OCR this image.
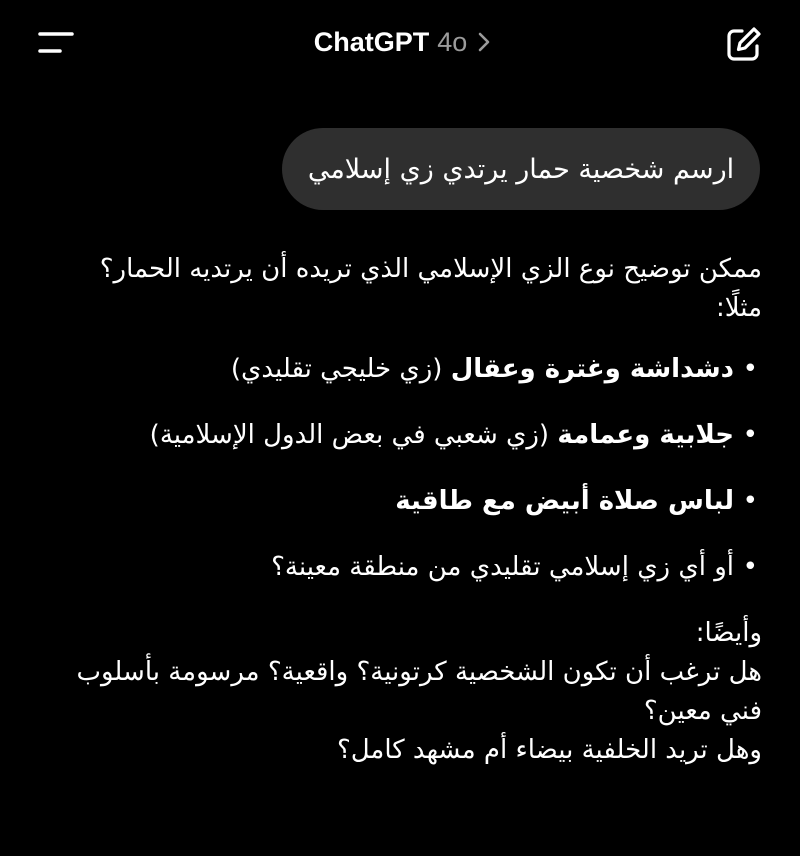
ChatGPT 4o
ارسم شخصية حمار يرتدي زي إسلامي

ممكن توضيح نوع الزي الإسلامي الذي تريده أن يرتديه الحمار؟
مثلًا:

•
دشداشة وغترة وعقال (زي خليجي تقليدي)
•
جلابية وعمامة (زي شعبي في بعض الدول الإسلامية)
•
لباس صلاة أبيض مع طاقية
•
أو أي زي إسلامي تقليدي من منطقة معينة؟

وأيضًا:
هل ترغب أن تكون الشخصية كرتونية؟ واقعية؟ مرسومة بأسلوب فني معين؟
وهل تريد الخلفية بيضاء أم مشهد كامل؟
